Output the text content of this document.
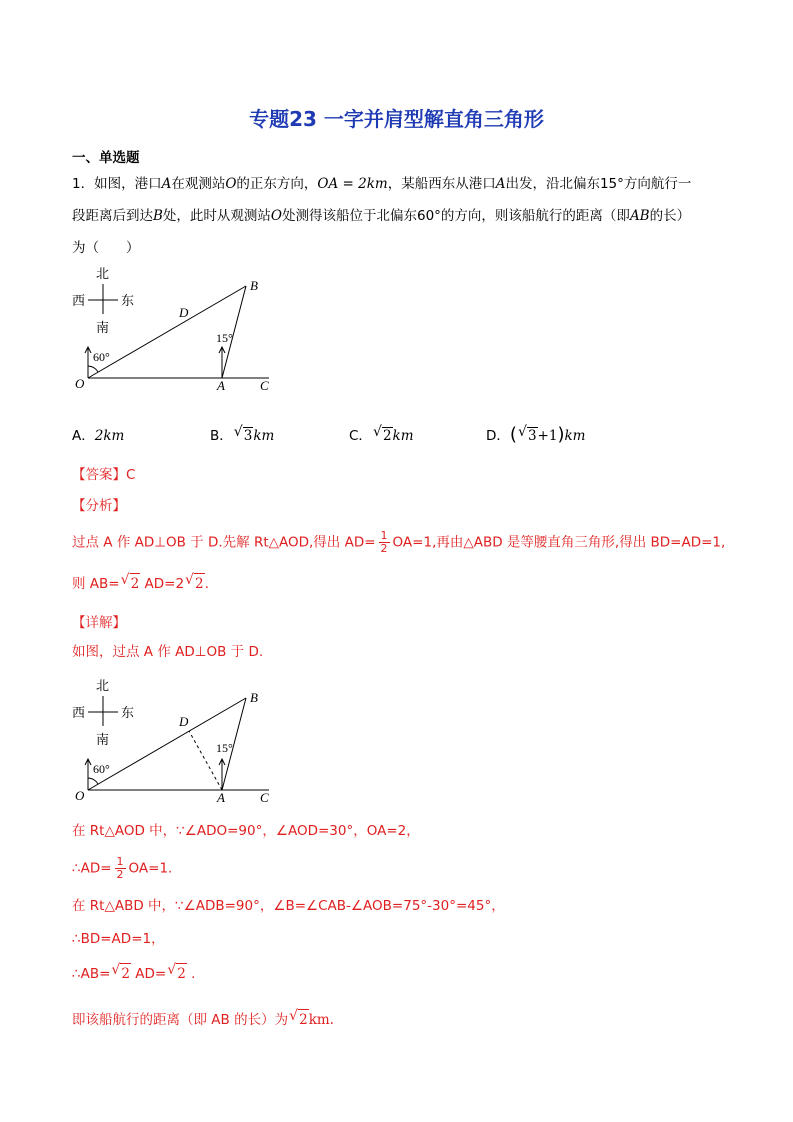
专题23 一字并肩型解直角三角形
一、单选题
1．如图，港口A在观测站O的正东方向，OA = 2km，某船西东从港口A出发，沿北偏东15°方向航行一
段距离后到达B处，此时从观测站O处测得该船位于北偏东60°的方向，则该船航行的距离（即AB的长）
为（　　）
北
南
西	东
60°
15°
O	A
B
C
D
A．2km	B． √ 3km	C． √ 2km	D．( √ 3+1)km
【答案】C
【分析】
过点 A 作 AD⊥OB 于 D.先解 Rt△AOD,得出 $AD= \frac{1}{2} OA=1$,再由△ABD 是等腰直角三角形,得出 BD=AD=1,
则 AB= √ 2 AD=2 √ 2.
【详解】
如图，过点 A 作 AD⊥OB 于 D.
北
南
西	东
60°
15°
O	A
B
C
D
在 Rt△AOD 中，∵∠ADO=90°，∠AOD=30°，OA=2，
∴AD= $\frac{1}{2} OA=1$.
在 Rt△ABD 中，∵∠ADB=90°，∠B=∠CAB-∠AOB=75°-30°=45°，
∴BD=AD=1，
∴AB= √ 2 AD= √ 2 .
即该船航行的距离（即 AB 的长）为 √ 2km.
